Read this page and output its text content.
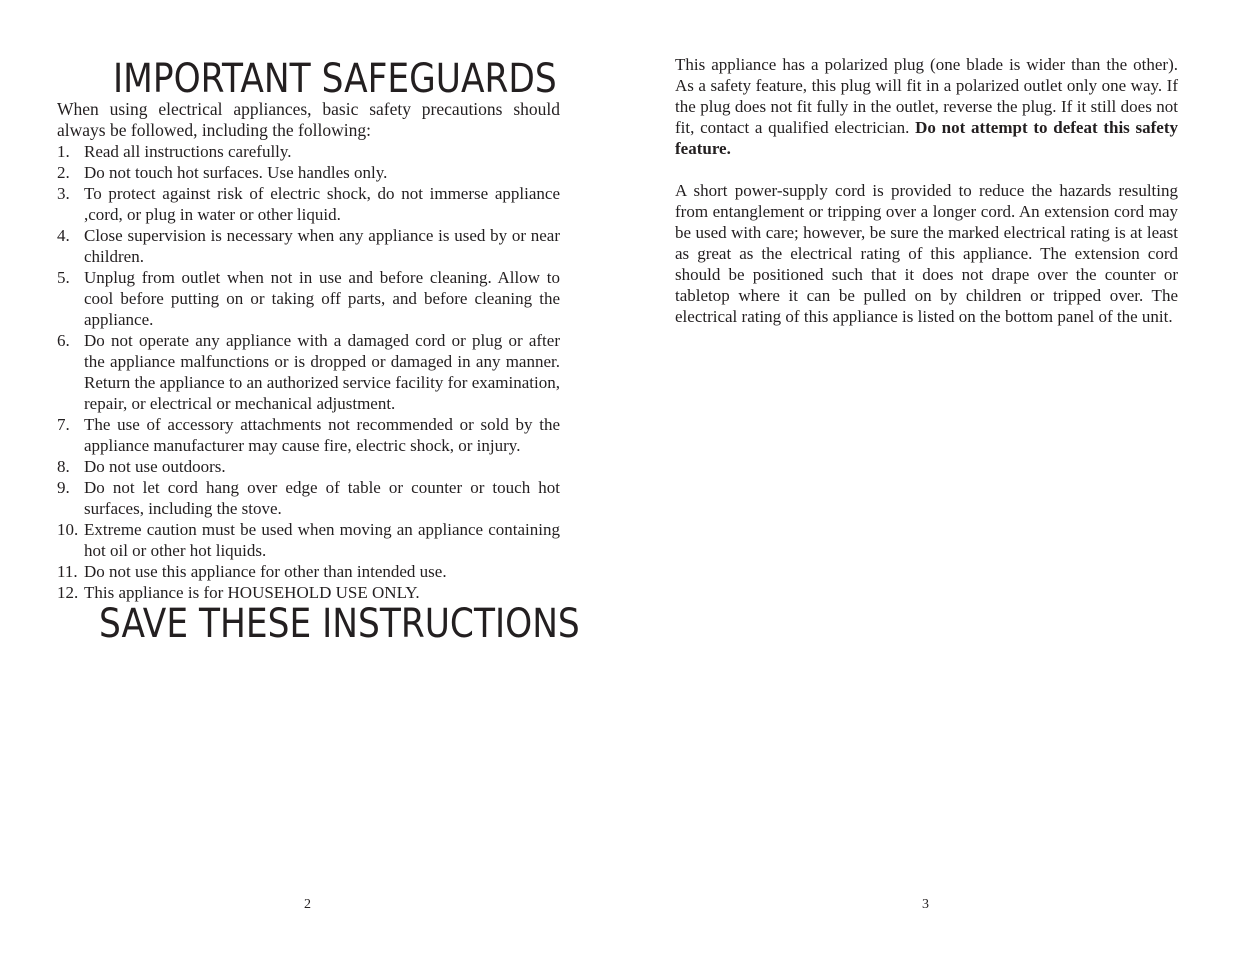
IMPORTANT SAFEGUARDS

When using electrical appliances, basic safety precautions should always be followed, including the following:

1. Read all instructions carefully.
2. Do not touch hot surfaces. Use handles only.
3. To protect against risk of electric shock, do not immerse appliance ,cord, or plug in water or other liquid.
4. Close supervision is necessary when any appliance is used by or near children.
5. Unplug from outlet when not in use and before cleaning. Allow to cool before putting on or taking off parts, and before cleaning the appliance.
6. Do not operate any appliance with a damaged cord or plug or after the appliance malfunctions or is dropped or damaged in any manner. Return the appliance to an authorized service facility for examination, repair, or electrical or mechanical adjustment.
7. The use of accessory attachments not recommended or sold by the appliance manufacturer may cause fire, electric shock, or injury.
8. Do not use outdoors.
9. Do not let cord hang over edge of table or counter or touch hot surfaces, including the stove.
10. Extreme caution must be used when moving an appliance containing hot oil or other hot liquids.
11. Do not use this appliance for other than intended use.
12. This appliance is for HOUSEHOLD USE ONLY.
SAVE THESE INSTRUCTIONS

2

This appliance has a polarized plug (one blade is wider than the other). As a safety feature, this plug will fit in a polarized outlet only one way. If the plug does not fit fully in the outlet, reverse the plug. If it still does not fit, contact a qualified electrician. Do not attempt to defeat this safety feature.

A short power-supply cord is provided to reduce the hazards resulting from entanglement or tripping over a longer cord. An extension cord may be used with care; however, be sure the marked electrical rating is at least as great as the electrical rating of this appliance. The extension cord should be positioned such that it does not drape over the counter or tabletop where it can be pulled on by children or tripped over. The electrical rating of this appliance is listed on the bottom panel of the unit.

3
